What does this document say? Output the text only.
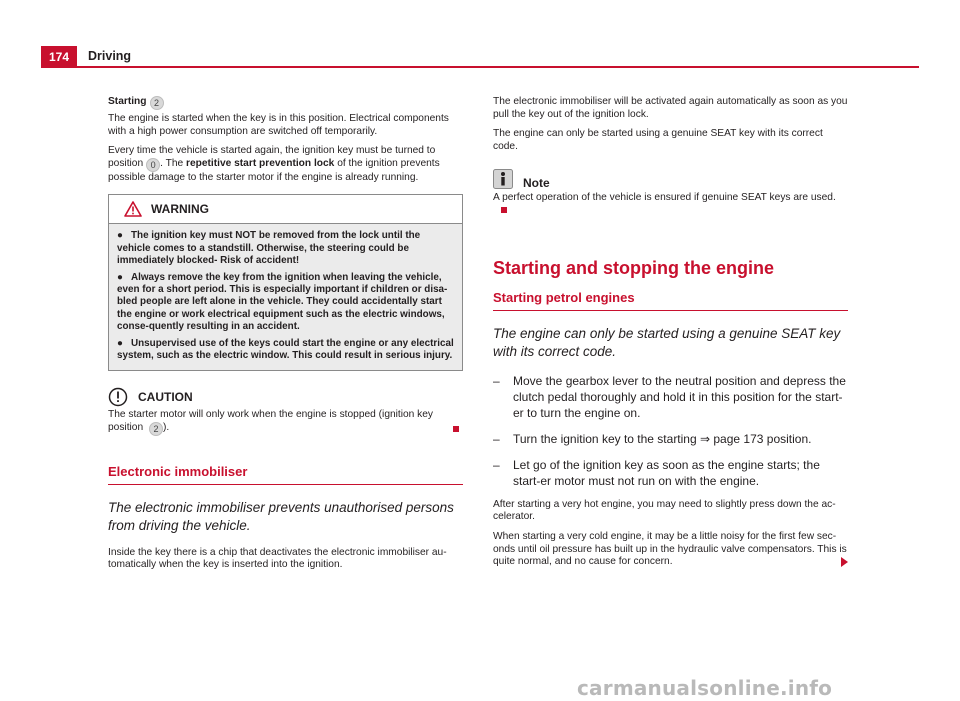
174	Driving

Starting 2

The engine is started when the key is in this position. Electrical components with a high power consumption are switched off temporarily.

Every time the vehicle is started again, the ignition key must be turned to position 0 . The repetitive start prevention lock of the ignition prevents possible damage to the starter motor if the engine is already running.

WARNING

● The ignition key must NOT be removed from the lock until the vehicle comes to a standstill. Otherwise, the steering could be immediately blocked- Risk of accident!

● Always remove the key from the ignition when leaving the vehicle, even for a short period. This is especially important if children or disa-bled people are left alone in the vehicle. They could accidentally start the engine or work electrical equipment such as the electric windows, conse-quently resulting in an accident.

● Unsupervised use of the keys could start the engine or any electrical system, such as the electric window. This could result in serious injury.

CAUTION

The starter motor will only work when the engine is stopped (ignition key position 2 ).

Electronic immobiliser
The electronic immobiliser prevents unauthorised persons from driving the vehicle.

Inside the key there is a chip that deactivates the electronic immobiliser au-tomatically when the key is inserted into the ignition.

The electronic immobiliser will be activated again automatically as soon as you pull the key out of the ignition lock.

The engine can only be started using a genuine SEAT key with its correct code.

Note

A perfect operation of the vehicle is ensured if genuine SEAT keys are used.

Starting and stopping the engine
Starting petrol engines
The engine can only be started using a genuine SEAT key with its correct code.
–	Move the gearbox lever to the neutral position and depress the clutch pedal thoroughly and hold it in this position for the start-er to turn the engine on.
–	Turn the ignition key to the starting ⇒ page 173 position.
–	Let go of the ignition key as soon as the engine starts; the start-er motor must not run on with the engine.

After starting a very hot engine, you may need to slightly press down the ac-celerator.

When starting a very cold engine, it may be a little noisy for the first few sec-onds until oil pressure has built up in the hydraulic valve compensators. This is quite normal, and no cause for concern.

carmanualsonline.info
